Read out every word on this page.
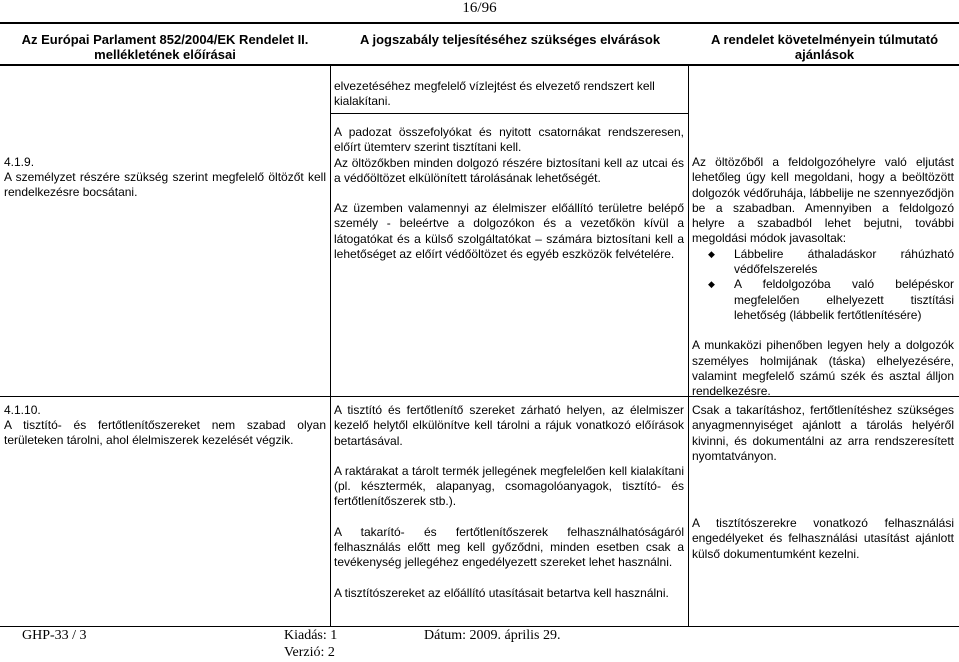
16/96
Az Európai Parlament 852/2004/EK Rendelet II. mellékletének előírásai
A jogszabály teljesítéséhez szükséges elvárások	A rendelet követelményein túlmutató ajánlások
elvezetéséhez megfelelő vízlejtést és elvezető rendszert kell kialakítani.
4.1.9.
A személyzet részére szükség szerint megfelelő öltözőt kell rendelkezésre bocsátani.

A padozat összefolyókat és nyitott csatornákat rendszeresen, előírt ütemterv szerint tisztítani kell.

Az öltözőkben minden dolgozó részére biztosítani kell az utcai és a védőöltözet elkülönített tárolásának lehetőségét.

Az üzemben valamennyi az élelmiszer előállító területre belépő személy - beleértve a dolgozókon és a vezetőkön kívül a látogatókat és a külső szolgáltatókat – számára biztosítani kell a lehetőséget az előírt védőöltözet és egyéb eszközök felvételére.

Az öltözőből a feldolgozóhelyre való eljutást lehetőleg úgy kell megoldani, hogy a beöltözött dolgozók védőruhája, lábbelije ne szennyeződjön be a szabadban. Amennyiben a feldolgozó helyre a szabadból lehet bejutni, további megoldási módok javasoltak:

◆ Lábbelire áthaladáskor ráhúzható védőfelszerelés
◆ A feldolgozóba való belépéskor megfelelően elhelyezett tisztítási lehetőség (lábbelik fertőtlenítésére)

A munkaközi pihenőben legyen hely a dolgozók személyes holmijának (táska) elhelyezésére, valamint megfelelő számú szék és asztal álljon rendelkezésre.

4.1.10.
A tisztító- és fertőtlenítőszereket nem szabad olyan területeken tárolni, ahol élelmiszerek kezelését végzik.

A tisztító és fertőtlenítő szereket zárható helyen, az élelmiszer kezelő helytől elkülönítve kell tárolni a rájuk vonatkozó előírások betartásával.

A raktárakat a tárolt termék jellegének megfelelően kell kialakítani (pl. késztermék, alapanyag, csomagolóanyagok, tisztító- és fertőtlenítőszerek stb.).

A takarító- és fertőtlenítőszerek felhasználhatóságáról felhasználás előtt meg kell győződni, minden esetben csak a tevékenység jellegéhez engedélyezett szereket lehet használni.

A tisztítószereket az előállító utasításait betartva kell használni.

Csak a takarításhoz, fertőtlenítéshez szükséges anyagmennyiséget ajánlott a tárolás helyéről kivinni, és dokumentálni az arra rendszeresített nyomtatványon.

A tisztítószerekre vonatkozó felhasználási engedélyeket és felhasználási utasítást ajánlott külső dokumentumként kezelni.

GHP-33 / 3	Kiadás: 1
Verzió: 2
Dátum: 2009. április 29.
